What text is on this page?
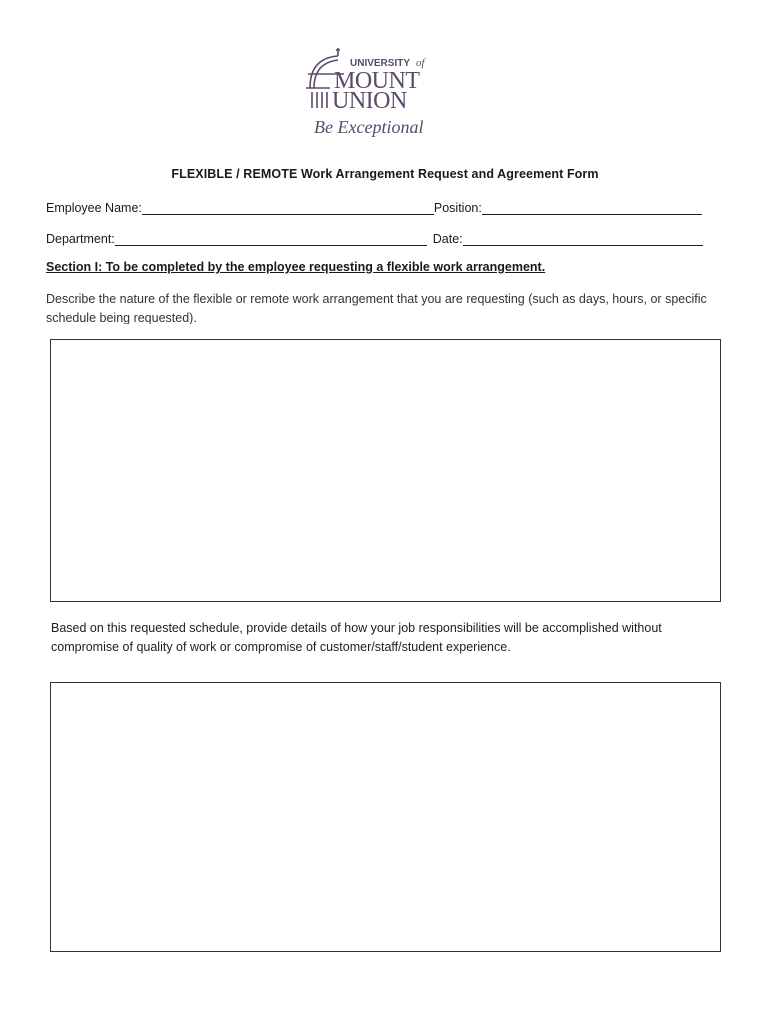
UNIVERSITY of
MOUNT
UNION
Be Exceptional
FLEXIBLE / REMOTE Work Arrangement Request and Agreement Form
Employee Name:	Position:
Department:	Date:
Section I: To be completed by the employee requesting a flexible work arrangement.
Describe the nature of the flexible or remote work arrangement that you are requesting (such as days, hours, or specific schedule being requested).
Based on this requested schedule, provide details of how your job responsibilities will be accomplished without compromise of quality of work or compromise of customer/staff/student experience.
